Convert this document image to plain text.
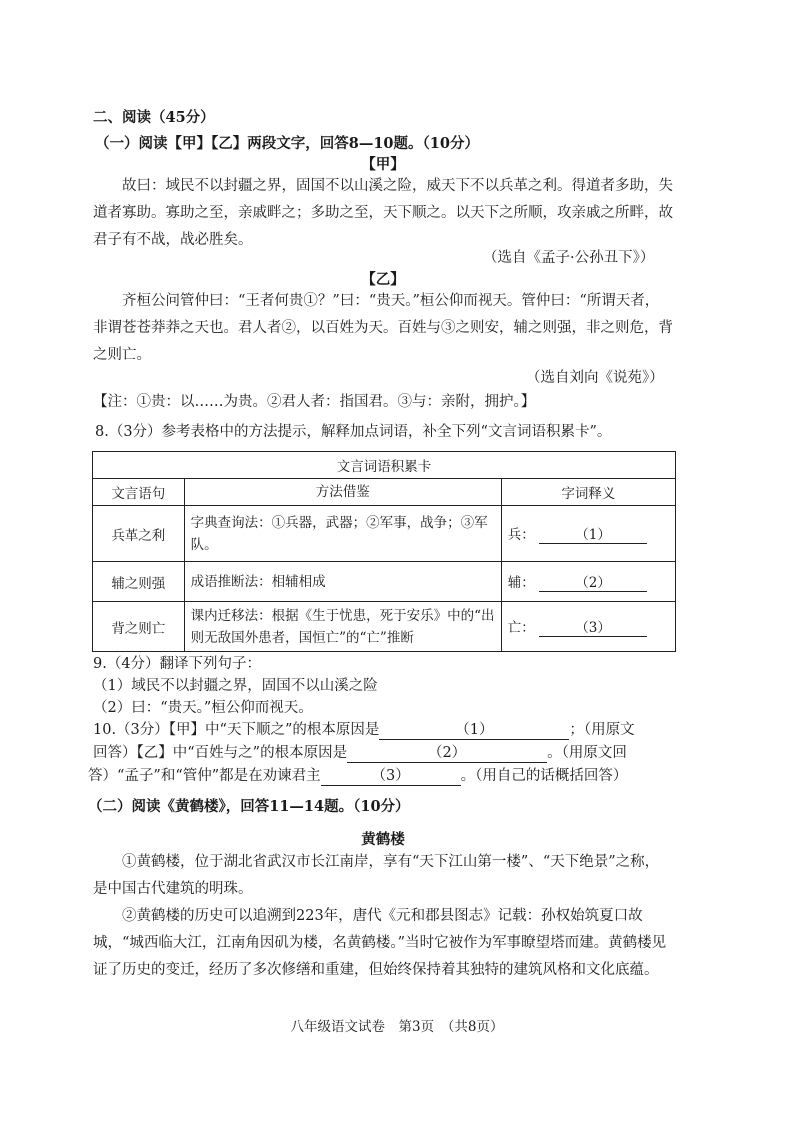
二、阅读（45分）
（一）阅读【甲】【乙】两段文字，回答8—10题。（10分）
【甲】
故曰：域民不以封疆之界，固国不以山溪之险，威天下不以兵革之利。得道者多助，失道者寡助。寡助之至，亲戚畔之；多助之至，天下顺之。以天下之所顺，攻亲戚之所畔，故君子有不战，战必胜矣。
（选自《孟子·公孙丑下》）
【乙】
齐桓公问管仲曰：“王者何贵①？”曰：“贵天。”桓公仰而视天。管仲曰：“所谓天者，非谓苍苍莽莽之天也。君人者②，以百姓为天。百姓与③之则安，辅之则强，非之则危，背之则亡。
（选自刘向《说苑》）
【注：①贵：以……为贵。②君人者：指国君。③与：亲附，拥护。】
8.（3分）参考表格中的方法提示，解释加点词语，补全下列“文言词语积累卡”。
文言词语积累卡		
文言语句	方法借鉴	字词释义
兵革之利	字典查询法：①兵器，武器；②军事，战争；③军队。	兵： （1）
辅之则强	成语推断法：相辅相成	辅： （2）
背之则亡	课内迁移法：根据《生于忧患，死于安乐》中的“出则无敌国外患者，国恒亡”的“亡”推断	亡： （3）
9.（4分）翻译下列句子：
（1）域民不以封疆之界，固国不以山溪之险
（2）曰：“贵天。”桓公仰而视天。
10.（3分）【甲】中“天下顺之”的根本原因是	（1）	；（用原文
回答）【乙】中“百姓与之”的根本原因是	（2）	。（用原文回
答）“孟子”和“管仲”都是在劝谏君主	（3）	。（用自己的话概括回答）
（二）阅读《黄鹤楼》，回答11—14题。（10分）
黄鹤楼
①黄鹤楼，位于湖北省武汉市长江南岸，享有“天下江山第一楼”、“天下绝景”之称，是中国古代建筑的明珠。
②黄鹤楼的历史可以追溯到223年，唐代《元和郡县图志》记载：孙权始筑夏口故城，“城西临大江，江南角因矶为楼，名黄鹤楼。”当时它被作为军事瞭望塔而建。黄鹤楼见证了历史的变迁，经历了多次修缮和重建，但始终保持着其独特的建筑风格和文化底蕴。
八年级语文试卷　第3页　（共8页）
